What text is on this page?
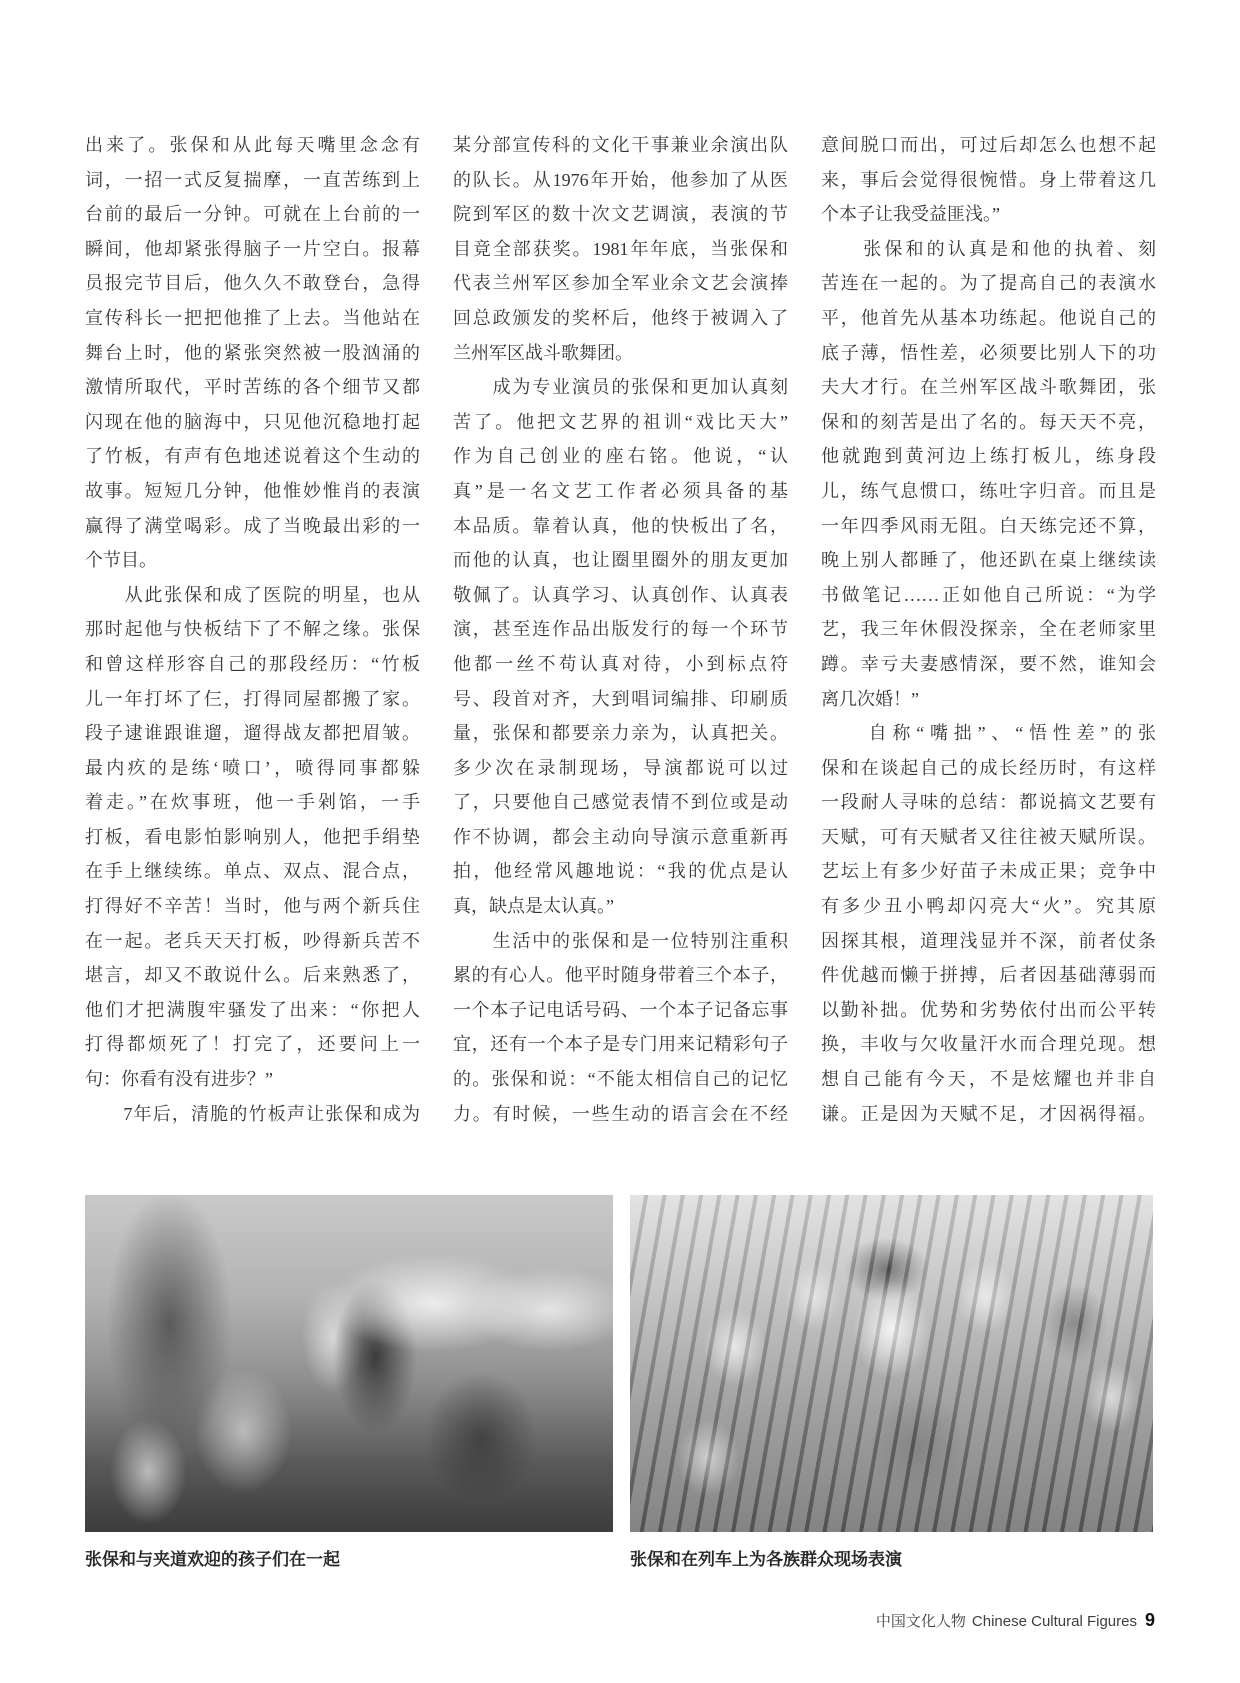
出来了。张保和从此每天嘴里念念有
词，一招一式反复揣摩，一直苦练到上
台前的最后一分钟。可就在上台前的一
瞬间，他却紧张得脑子一片空白。报幕
员报完节目后，他久久不敢登台，急得
宣传科长一把把他推了上去。当他站在
舞台上时，他的紧张突然被一股汹涌的
激情所取代，平时苦练的各个细节又都
闪现在他的脑海中，只见他沉稳地打起
了竹板，有声有色地述说着这个生动的
故事。短短几分钟，他惟妙惟肖的表演
赢得了满堂喝彩。成了当晚最出彩的一
个节目。
　　从此张保和成了医院的明星，也从
那时起他与快板结下了不解之缘。张保
和曾这样形容自己的那段经历：“竹板
儿一年打坏了仨，打得同屋都搬了家。
段子逮谁跟谁遛，遛得战友都把眉皱。
最内疚的是练‘喷口’，喷得同事都躲
着走。”在炊事班，他一手剁馅，一手
打板，看电影怕影响别人，他把手绢垫
在手上继续练。单点、双点、混合点，
打得好不辛苦！当时，他与两个新兵住
在一起。老兵天天打板，吵得新兵苦不
堪言，却又不敢说什么。后来熟悉了，
他们才把满腹牢骚发了出来：“你把人
打得都烦死了！打完了，还要问上一
句：你看有没有进步？”
　　7年后，清脆的竹板声让张保和成为
某分部宣传科的文化干事兼业余演出队
的队长。从1976年开始，他参加了从医
院到军区的数十次文艺调演，表演的节
目竟全部获奖。1981年年底，当张保和
代表兰州军区参加全军业余文艺会演捧
回总政颁发的奖杯后，他终于被调入了
兰州军区战斗歌舞团。
　　成为专业演员的张保和更加认真刻
苦了。他把文艺界的祖训“戏比天大”
作为自己创业的座右铭。他说，“认
真”是一名文艺工作者必须具备的基
本品质。靠着认真，他的快板出了名，
而他的认真，也让圈里圈外的朋友更加
敬佩了。认真学习、认真创作、认真表
演，甚至连作品出版发行的每一个环节
他都一丝不苟认真对待，小到标点符
号、段首对齐，大到唱词编排、印刷质
量，张保和都要亲力亲为，认真把关。
多少次在录制现场，导演都说可以过
了，只要他自己感觉表情不到位或是动
作不协调，都会主动向导演示意重新再
拍，他经常风趣地说：“我的优点是认
真，缺点是太认真。”
　　生活中的张保和是一位特别注重积
累的有心人。他平时随身带着三个本子，
一个本子记电话号码、一个本子记备忘事
宜，还有一个本子是专门用来记精彩句子
的。张保和说：“不能太相信自己的记忆
力。有时候，一些生动的语言会在不经
意间脱口而出，可过后却怎么也想不起
来，事后会觉得很惋惜。身上带着这几
个本子让我受益匪浅。”
　　张保和的认真是和他的执着、刻
苦连在一起的。为了提高自己的表演水
平，他首先从基本功练起。他说自己的
底子薄，悟性差，必须要比别人下的功
夫大才行。在兰州军区战斗歌舞团，张
保和的刻苦是出了名的。每天天不亮，
他就跑到黄河边上练打板儿，练身段
儿，练气息惯口，练吐字归音。而且是
一年四季风雨无阻。白天练完还不算，
晚上别人都睡了，他还趴在桌上继续读
书做笔记……正如他自己所说：“为学
艺，我三年休假没探亲，全在老师家里
蹲。幸亏夫妻感情深，要不然，谁知会
离几次婚！”
　　自称“嘴拙”、“悟性差”的张
保和在谈起自己的成长经历时，有这样
一段耐人寻味的总结：都说搞文艺要有
天赋，可有天赋者又往往被天赋所误。
艺坛上有多少好苗子未成正果；竞争中
有多少丑小鸭却闪亮大“火”。究其原
因探其根，道理浅显并不深，前者仗条
件优越而懒于拼搏，后者因基础薄弱而
以勤补拙。优势和劣势依付出而公平转
换，丰收与欠收量汗水而合理兑现。想
想自己能有今天，不是炫耀也并非自
谦。正是因为天赋不足，才因祸得福。
张保和与夹道欢迎的孩子们在一起	张保和在列车上为各族群众现场表演
中国文化人物 Chinese Cultural Figures 9
